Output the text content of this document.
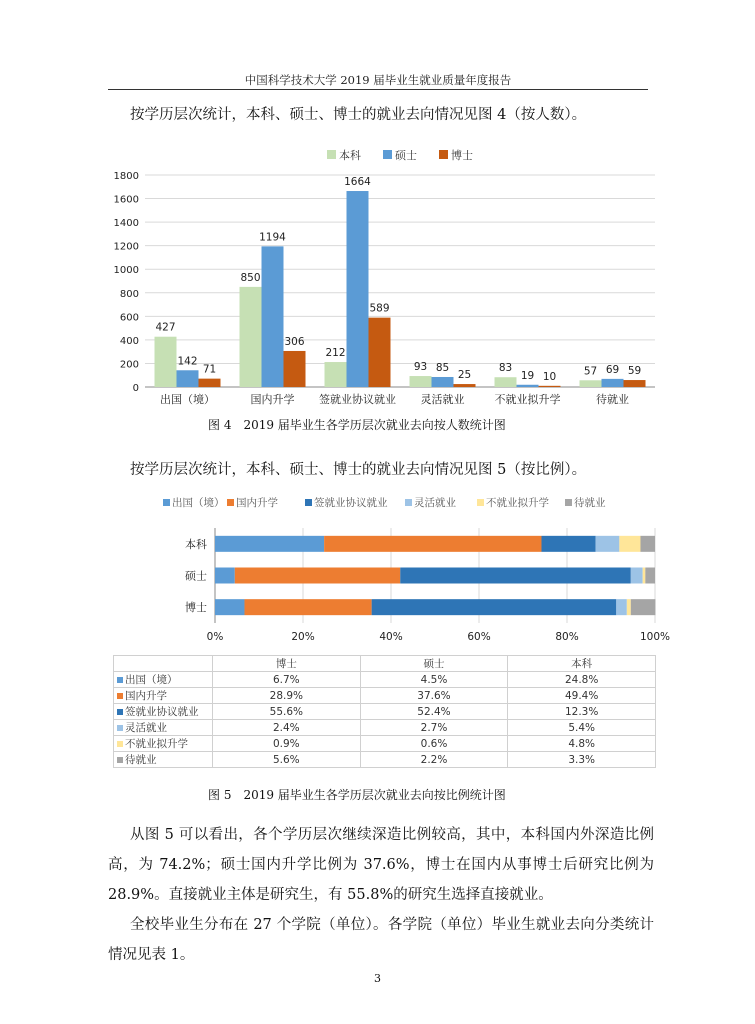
中国科学技术大学 2019 届毕业生就业质量年度报告
按学历层次统计，本科、硕士、博士的就业去向情况见图 4（按人数）。
0
200
400
600
800
1000
1200
1400
1600
1800
本科	硕士	博士
427
142
71
出国（境）
850
1194
306
国内升学
212
1664
589
签就业协议就业
93 85
25
灵活就业
83
19 10
不就业拟升学
57 69 59
待就业
图 4　2019 届毕业生各学历层次就业去向按人数统计图
按学历层次统计，本科、硕士、博士的就业去向情况见图 5（按比例）。
0%	20%	40%	60%	80%	100%
出国（境） 国内升学	签就业协议就业	灵活就业	不就业拟升学 待就业
本科
硕士
博士
	博士	硕士	本科
出国（境）	6.7%	4.5%	24.8%
国内升学	28.9%	37.6%	49.4%
签就业协议就业	55.6%	52.4%	12.3%
灵活就业	2.4%	2.7%	5.4%
不就业拟升学	0.9%	0.6%	4.8%
待就业	5.6%	2.2%	3.3%
图 5　2019 届毕业生各学历层次就业去向按比例统计图
从图 5 可以看出，各个学历层次继续深造比例较高，其中，本科国内外深造比例高，为 74.2%；硕士国内升学比例为 37.6%，博士在国内从事博士后研究比例为 28.9%。直接就业主体是研究生，有 55.8%的研究生选择直接就业。
全校毕业生分布在 27 个学院（单位）。各学院（单位）毕业生就业去向分类统计情况见表 1。
3
